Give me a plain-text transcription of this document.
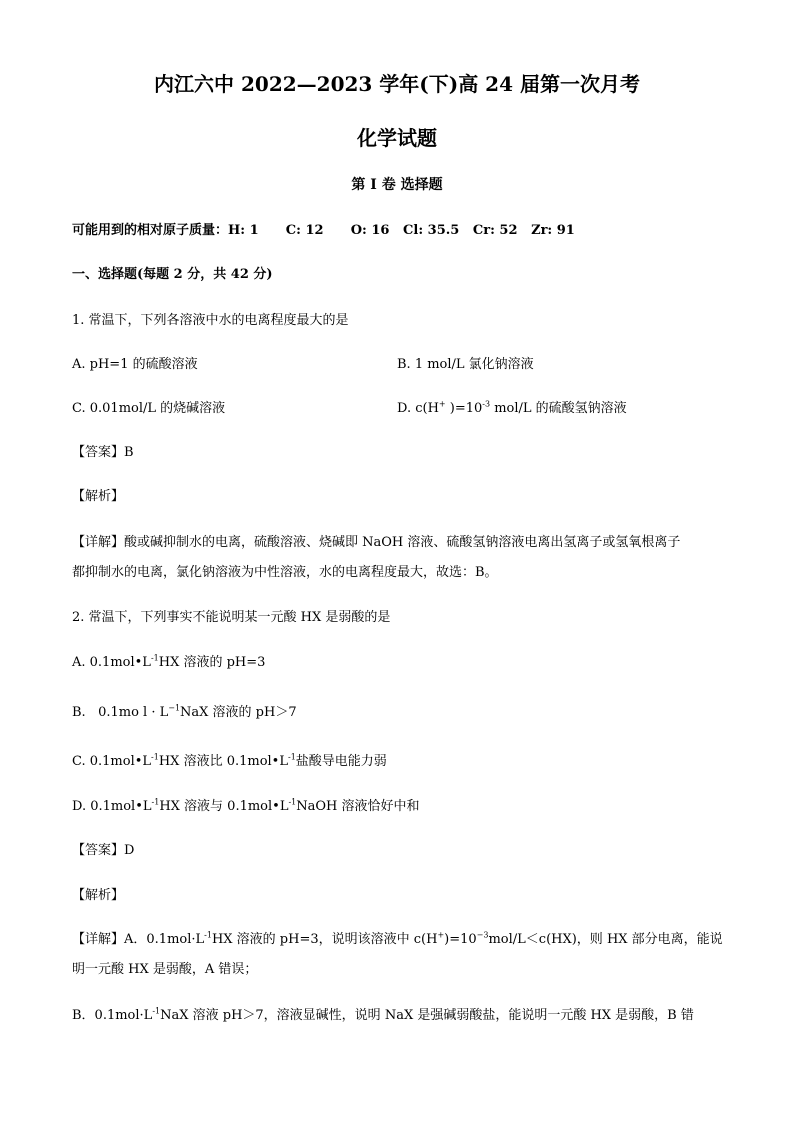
内江六中 2022—2023 学年(下)高 24 届第一次月考
化学试题
第 I 卷 选择题
可能用到的相对原子质量：H: 1      C: 12      O: 16   Cl: 35.5   Cr: 52   Zr: 91
一、选择题(每题 2 分，共 42 分)
1. 常温下，下列各溶液中水的电离程度最大的是
A. pH=1 的硫酸溶液	B. 1 mol/L 氯化钠溶液
C. 0.01mol/L 的烧碱溶液	D. c(H+ )$=10^{-3}$ mol/L 的硫酸氢钠溶液
【答案】B
【解析】
【详解】酸或碱抑制水的电离，硫酸溶液、烧碱即 NaOH 溶液、硫酸氢钠溶液电离出氢离子或氢氧根离子
都抑制水的电离，氯化钠溶液为中性溶液，水的电离程度最大，故选：B。
2. 常温下，下列事实不能说明某一元酸 HX 是弱酸的是
A. $0.1mol•L^{-1}HX$ 溶液的 pH=3
B.   0.1mo $l \cdot L^{-1}NaX$ 溶液的 pH＞7
C. $0.1mol•L^{-1}HX$ 溶液比 $0.1mol•L^{-1}$盐酸导电能力弱
D. $0.1mol•L^{-1}HX$ 溶液与 $0.1mol•L^{-1}NaOH$ 溶液恰好中和
【答案】D
【解析】
【详解】A．$0.1mol\cdot L^{-1}HX$ 溶液的 pH=3，说明该溶液中 $c(H^+)=10^{-3}mol/L<c(HX)$，则 HX 部分电离，能说
明一元酸 HX 是弱酸，A 错误；
B．$0.1mol\cdot L^{-1}NaX$ 溶液 pH＞7，溶液显碱性，说明 NaX 是强碱弱酸盐，能说明一元酸 HX 是弱酸，B 错
